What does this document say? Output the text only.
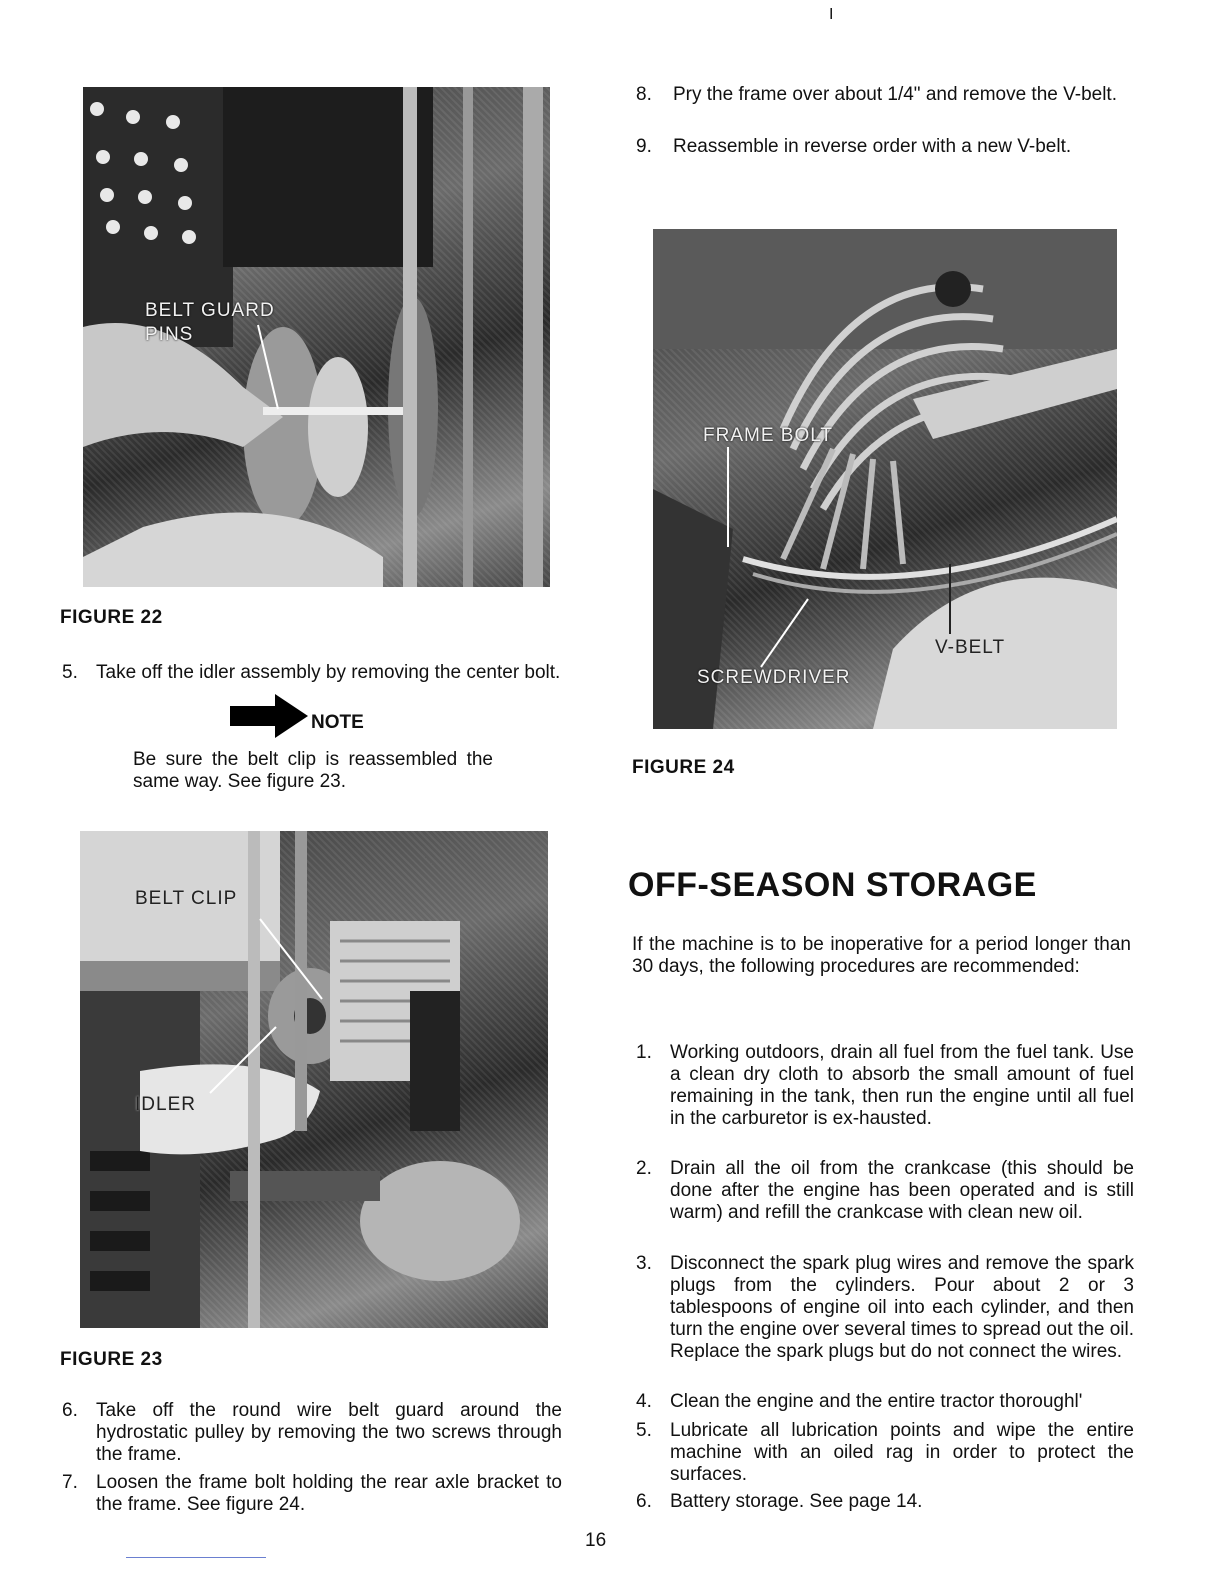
I
BELT GUARD
PINS
FIGURE 22
5. Take off the idler assembly by removing the center bolt.
NOTE
Be sure the belt clip is reassembled the same way. See figure 23.
BELT CLIP
IDLER
FIGURE 23
6. Take off the round wire belt guard around the hydrostatic pulley by removing the two screws through the frame.
7. Loosen the frame bolt holding the rear axle bracket to the frame. See figure 24.
8. Pry the frame over about 1/4" and remove the V-belt.
9. Reassemble in reverse order with a new V-belt.
FRAME BOLT
V-BELT
SCREWDRIVER
FIGURE 24
OFF-SEASON STORAGE
If the machine is to be inoperative for a period longer than 30 days, the following procedures are recommended:
1. Working outdoors, drain all fuel from the fuel tank. Use a clean dry cloth to absorb the small amount of fuel remaining in the tank, then run the engine until all fuel in the carburetor is ex-hausted.
2. Drain all the oil from the crankcase (this should be done after the engine has been operated and is still warm) and refill the crankcase with clean new oil.
3. Disconnect the spark plug wires and remove the spark plugs from the cylinders. Pour about 2 or 3 tablespoons of engine oil into each cylinder, and then turn the engine over several times to spread out the oil. Replace the spark plugs but do not connect the wires.
4. Clean the engine and the entire tractor thoroughl'
5. Lubricate all lubrication points and wipe the entire machine with an oiled rag in order to protect the surfaces.
6. Battery storage. See page 14.
16
